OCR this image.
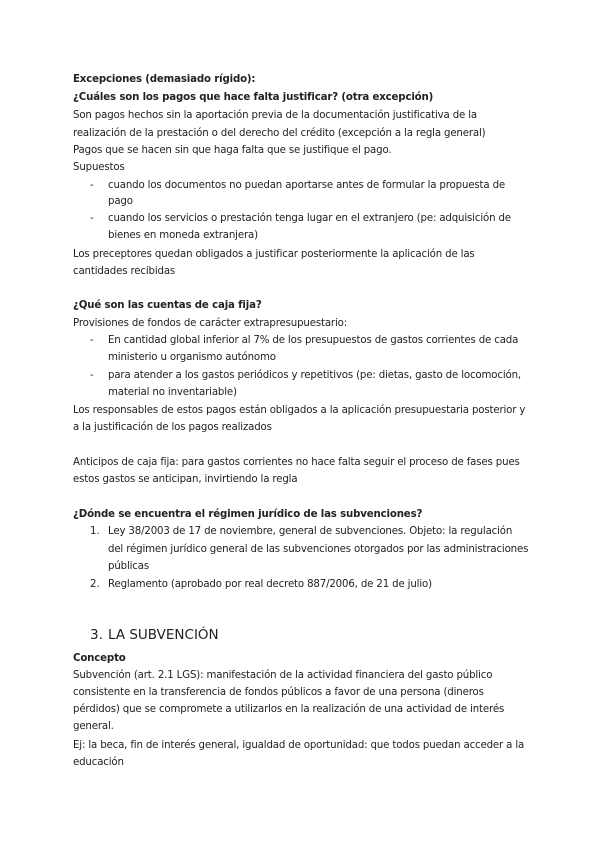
Excepciones (demasiado rígido):

¿Cuáles son los pagos que hace falta justificar? (otra excepción)

Son pagos hechos sin la aportación previa de la documentación justificativa de la

realización de la prestación o del derecho del crédito (excepción a la regla general)

Pagos que se hacen sin que haga falta que se justifique el pago.

Supuestos

- cuando los documentos no puedan aportarse antes de formular la propuesta de

pago

- cuando los servicios o prestación tenga lugar en el extranjero (pe: adquisición de

bienes en moneda extranjera)

Los preceptores quedan obligados a justificar posteriormente la aplicación de las

cantidades recibidas

¿Qué son las cuentas de caja fija?

Provisiones de fondos de carácter extrapresupuestario:

- En cantidad global inferior al 7% de los presupuestos de gastos corrientes de cada

ministerio u organismo autónomo

- para atender a los gastos periódicos y repetitivos (pe: dietas, gasto de locomoción,

material no inventariable)

Los responsables de estos pagos están obligados a la aplicación presupuestaria posterior y

a la justificación de los pagos realizados

Anticipos de caja fija: para gastos corrientes no hace falta seguir el proceso de fases pues

estos gastos se anticipan, invirtiendo la regla

¿Dónde se encuentra el régimen jurídico de las subvenciones?

1. Ley 38/2003 de 17 de noviembre, general de subvenciones. Objeto: la regulación

del régimen jurídico general de las subvenciones otorgados por las administraciones

públicas

2. Reglamento (aprobado por real decreto 887/2006, de 21 de julio)

3. LA SUBVENCIÓN

Concepto

Subvención (art. 2.1 LGS): manifestación de la actividad financiera del gasto público

consistente en la transferencia de fondos públicos a favor de una persona (dineros

pérdidos) que se compromete a utilizarlos en la realización de una actividad de interés

general.

Ej: la beca, fin de interés general, igualdad de oportunidad: que todos puedan acceder a la

educación
